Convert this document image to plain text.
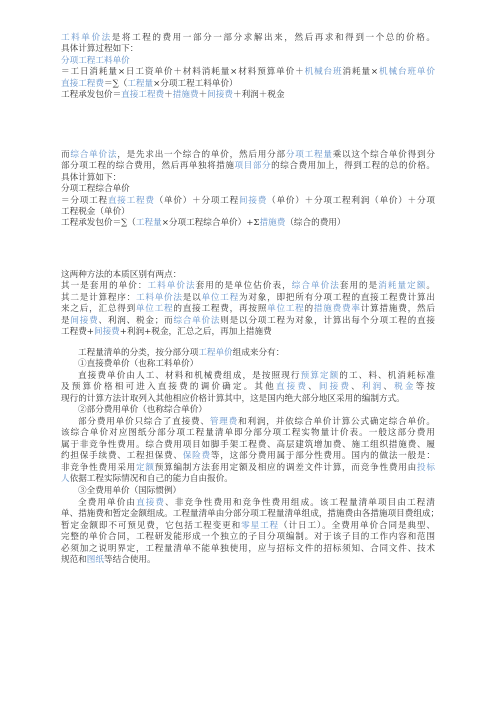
工料单价法是将工程的费用一部分一部分求解出来，然后再求和得到一个总的价格。
具体计算过程如下：
分项工程工料单价
＝工日消耗量×日工资单价＋材料消耗量×材料预算单价＋机械台班消耗量×机械台班单价
直接工程费＝∑（工程量×分项工程工料单价）
工程承发包价＝直接工程费＋措施费＋间接费＋利润＋税金
而综合单价法，是先求出一个综合的单价，然后用分部分项工程量乘以这个综合单价得到分
部分项工程的综合费用，然后再单独将措施项目部分的综合费用加上，得到工程的总的价格。
具体计算如下：
分项工程综合单价
＝分项工程直接工程费（单价）＋分项工程间接费（单价）＋分项工程利润（单价）＋分项
工程税金（单价）
工程承发包价＝∑（工程量×分项工程综合单价）+Σ措施费（综合的费用）
这两种方法的本质区别有两点：
其一是套用的单价：工料单价法套用的是单位估价表，综合单价法套用的是消耗量定额。
其二是计算程序：工料单价法是以单位工程为对象，即把所有分项工程的直接工程费计算出
来之后，汇总得到单位工程的直接工程费，再按照单位工程的措施费费率计算措施费，然后
是间接费、利润、税金；而综合单价法则是以分项工程为对象，计算出每个分项工程的直接
工程费+间接费+利润+税金，汇总之后，再加上措施费
工程量清单的分类，按分部分项工程单价组成来分有：
①直接费单价（也称工料单价）
直接费单价由人工、材料和机械费组成，是按照现行预算定额的工、料、机消耗标准
及预算价格相可进入直接费的调价确定。其他直接费、间接费、利润、税金等按
现行的计算方法计取列入其他相应价格计算其中，这是国内绝大部分地区采用的编制方式。
②部分费用单价（也称综合单价）
部分费用单价只综合了直接费、管理费和利润，并依综合单价计算公式确定综合单价。
该综合单价对应图纸分部分项工程量清单即分部分项工程实物量计价表。一般这部分费用
属于非竞争性费用。综合费用项目如脚手架工程费、高层建筑增加费、施工组织措施费、履
约担保手续费、工程担保费、保险费等，这部分费用属于部分性费用。国内的做法一般是：
非竞争性费用采用定额预算编制方法套用定额及相应的调差文件计算，而竞争性费用由投标
人依据工程实际情况和自己的能力自由报价。
③全费用单价（国际惯例）
全费用单价由直接费、非竞争性费用和竞争性费用组成。该工程量清单项目由工程清
单、措施费和暂定金额组成。工程量清单由分部分项工程量清单组成，措施费由各措施项目费组成；
暂定金额即不可预见费，它包括工程变更和零星工程（计日工）。全费用单价合同是典型、
完整的单价合同，工程研发能形成一个独立的子目分项编制。对于该子目的工作内容和范围
必须加之说明界定，工程量清单不能单独使用，应与招标文件的招标须知、合同文件、技术
规范和图纸等结合使用。
